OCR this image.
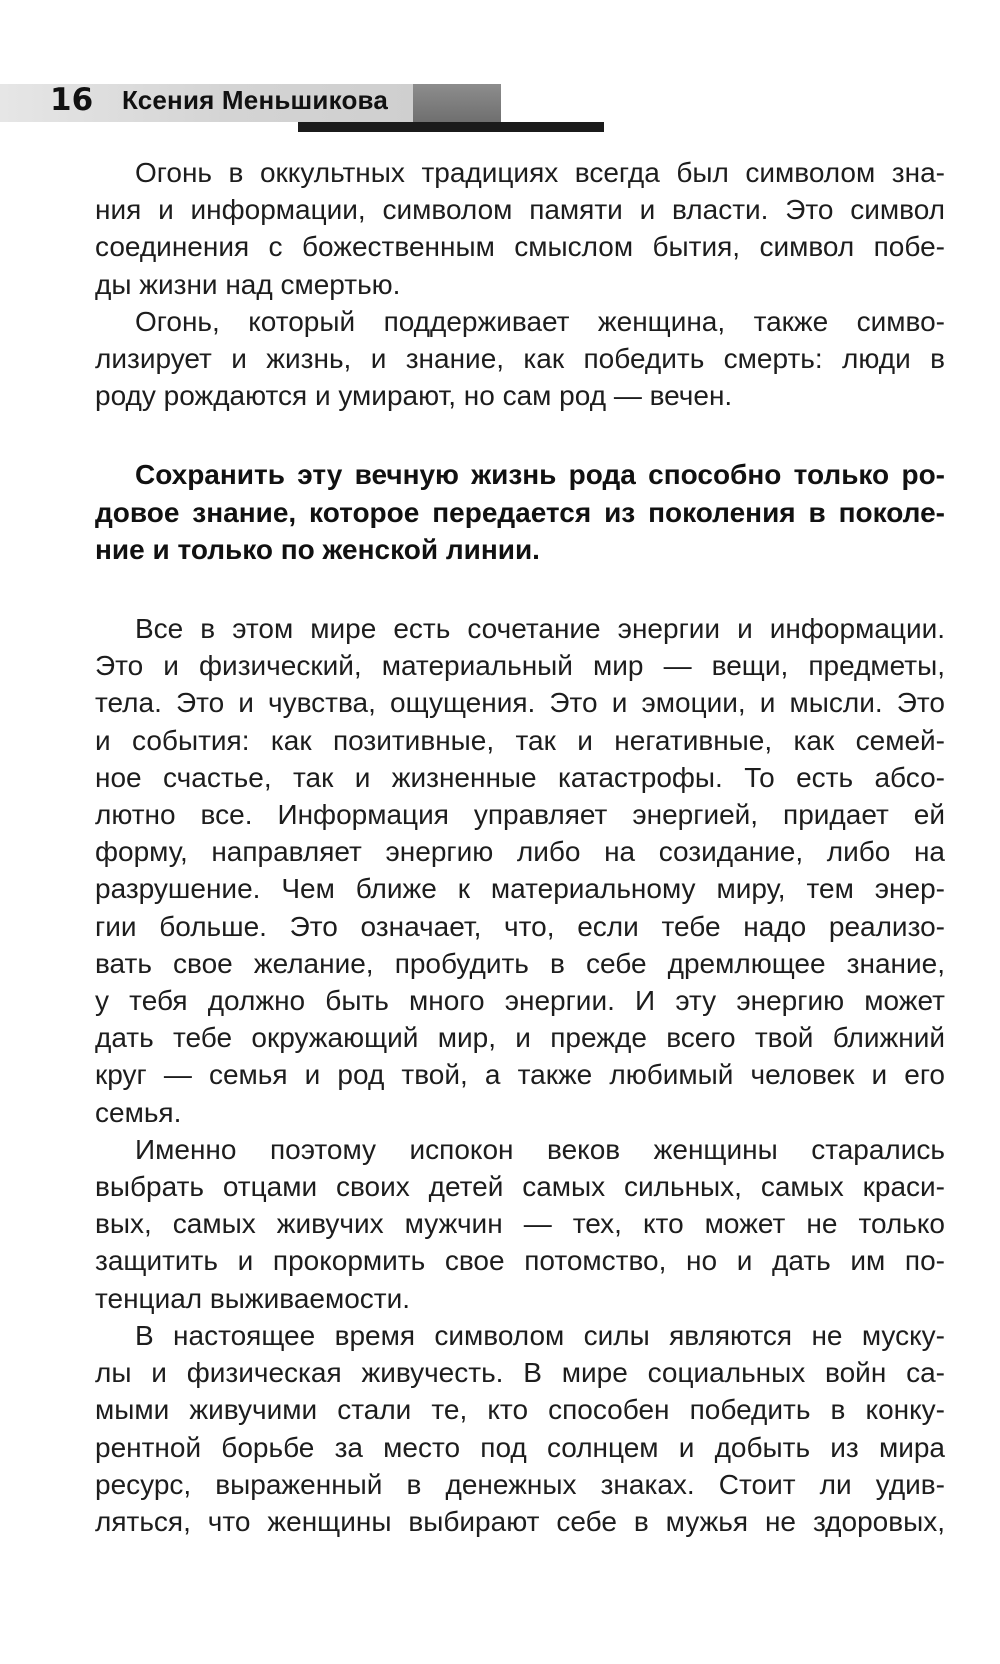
16 Ксения Меньшикова

Огонь в оккультных традициях всегда был символом зна-

ния и информации, символом памяти и власти. Это символ

соединения с божественным смыслом бытия, символ побе-

ды жизни над смертью.

Огонь, который поддерживает женщина, также симво-

лизирует и жизнь, и знание, как победить смерть: люди в

роду рождаются и умирают, но сам род — вечен.

Сохранить эту вечную жизнь рода способно только ро-

довое знание, которое передается из поколения в поколе-

ние и только по женской линии.

Все в этом мире есть сочетание энергии и информации.

Это и физический, материальный мир — вещи, предметы,

тела. Это и чувства, ощущения. Это и эмоции, и мысли. Это

и события: как позитивные, так и негативные, как семей-

ное счастье, так и жизненные катастрофы. То есть абсо-

лютно все. Информация управляет энергией, придает ей

форму, направляет энергию либо на созидание, либо на

разрушение. Чем ближе к материальному миру, тем энер-

гии больше. Это означает, что, если тебе надо реализо-

вать свое желание, пробудить в себе дремлющее знание,

у тебя должно быть много энергии. И эту энергию может

дать тебе окружающий мир, и прежде всего твой ближний

круг — семья и род твой, а также любимый человек и его

семья.

Именно поэтому испокон веков женщины старались

выбрать отцами своих детей самых сильных, самых краси-

вых, самых живучих мужчин — тех, кто может не только

защитить и прокормить свое потомство, но и дать им по-

тенциал выживаемости.

В настоящее время символом силы являются не муску-

лы и физическая живучесть. В мире социальных войн са-

мыми живучими стали те, кто способен победить в конку-

рентной борьбе за место под солнцем и добыть из мира

ресурс, выраженный в денежных знаках. Стоит ли удив-

ляться, что женщины выбирают себе в мужья не здоровых,
